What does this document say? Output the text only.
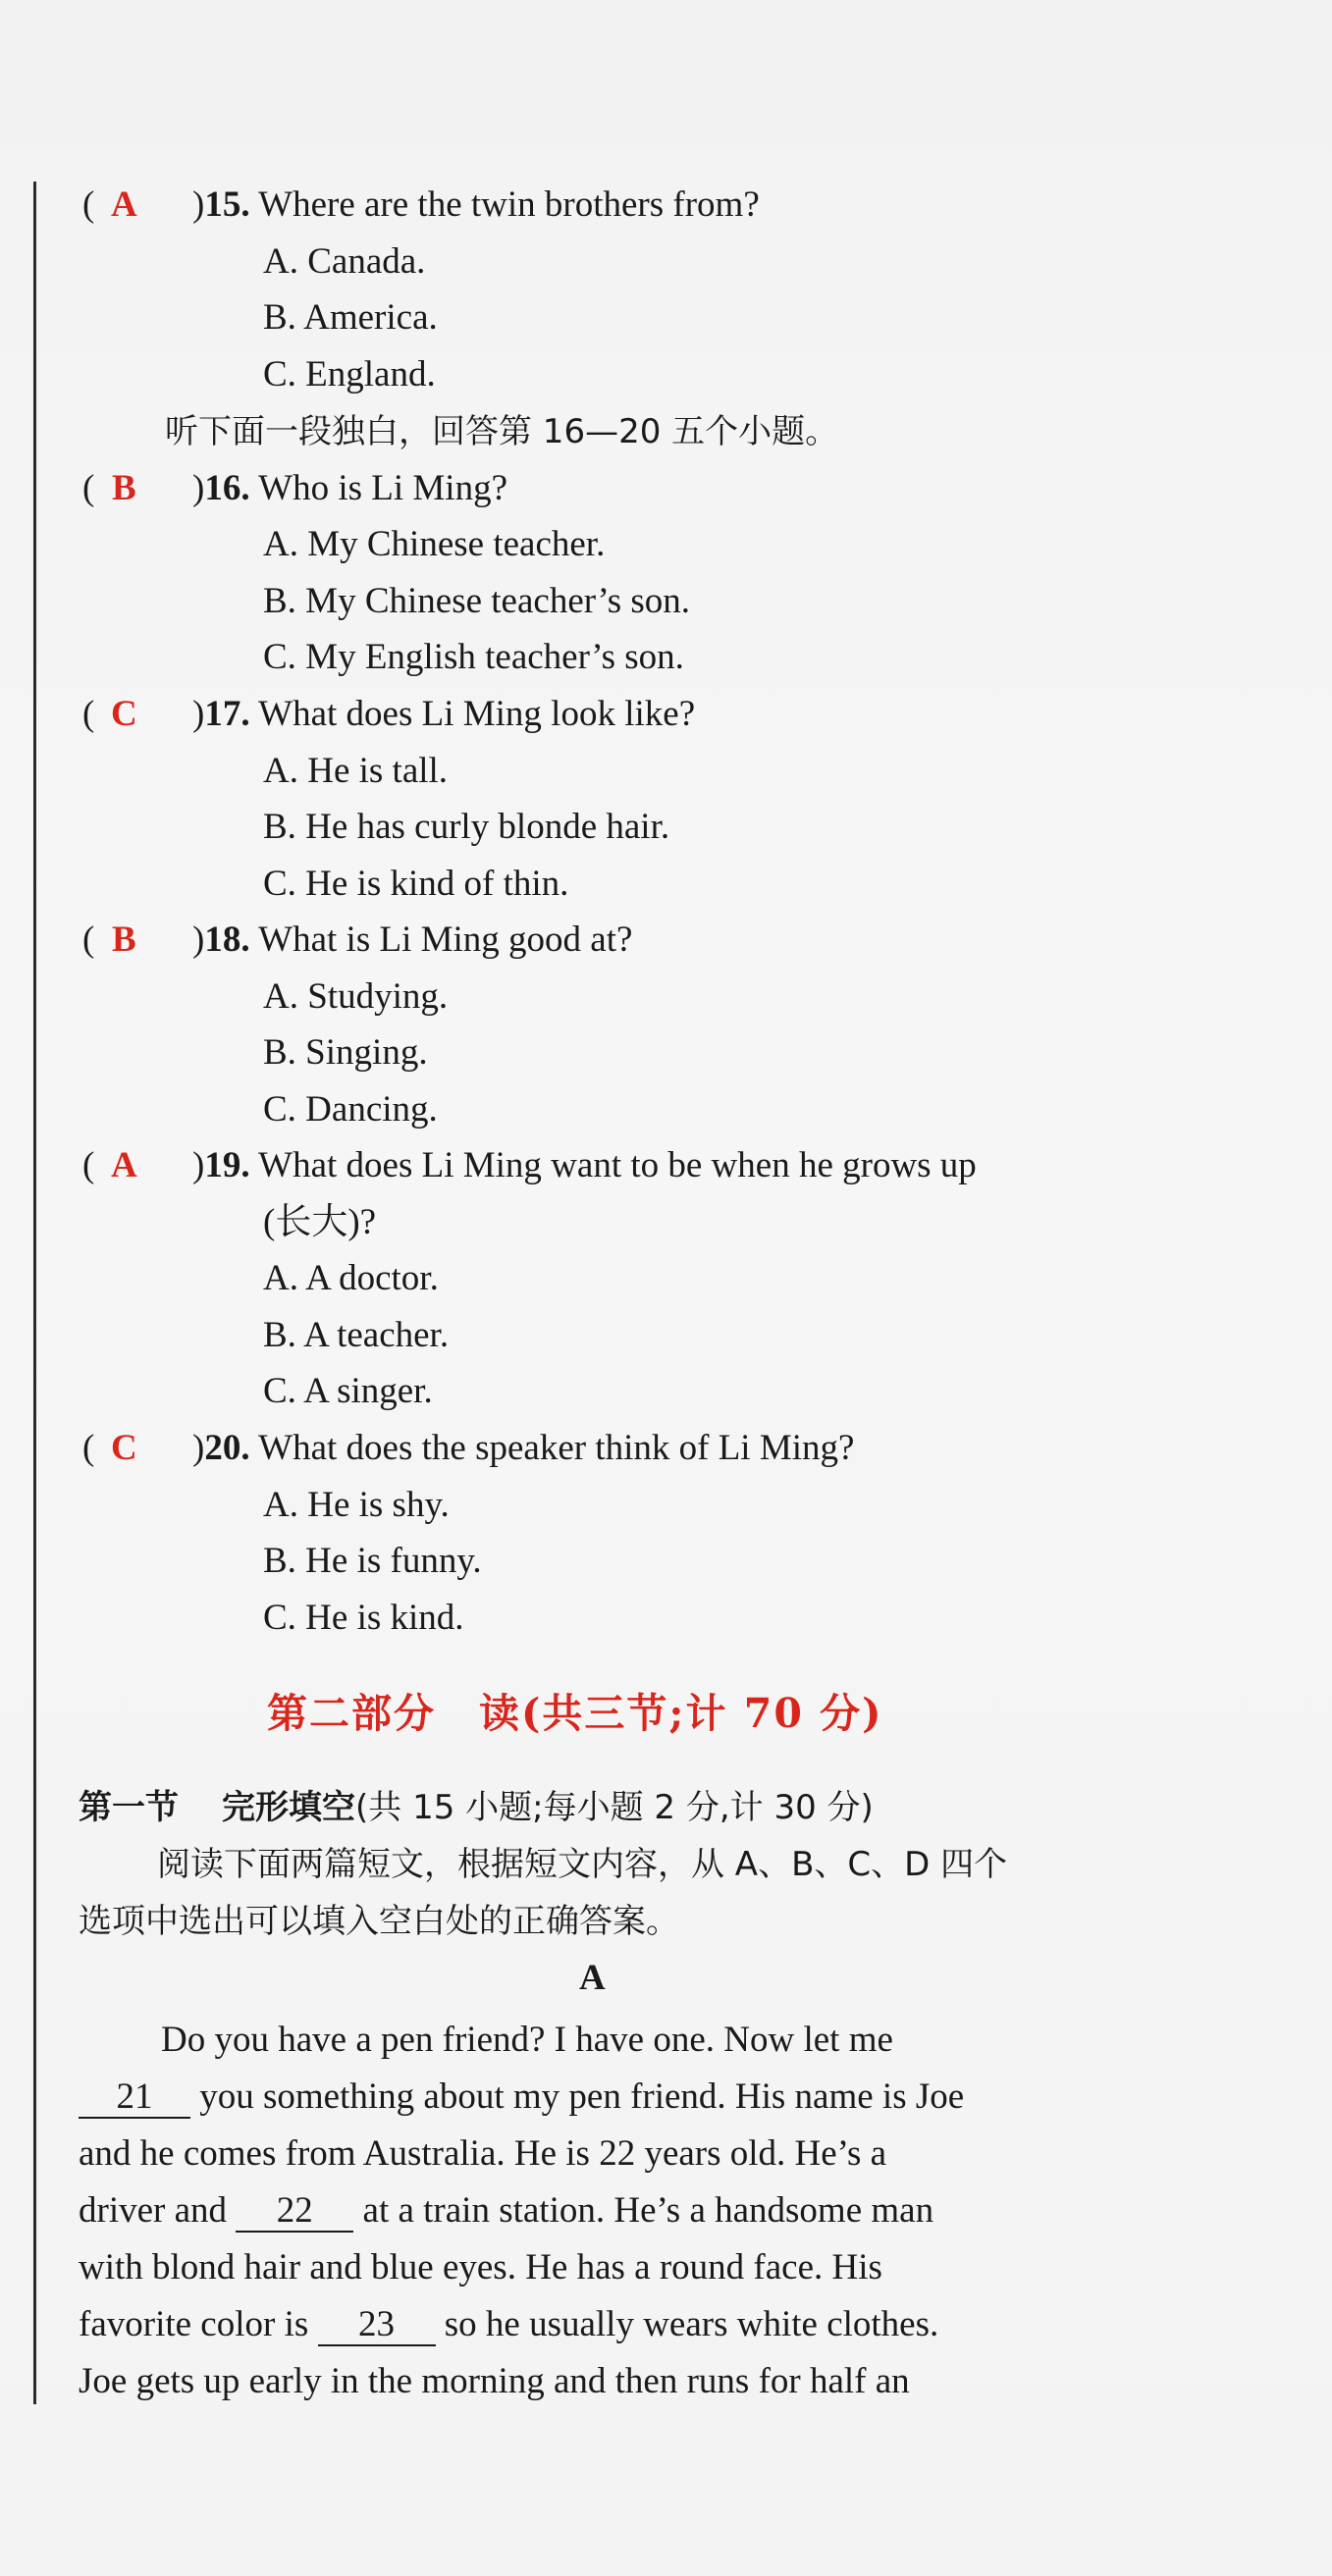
( A )15. Where are the twin brothers from?
A. Canada.
B. America.
C. England.
听下面一段独白，回答第 16—20 五个小题。
( B )16. Who is Li Ming?
A. My Chinese teacher.
B. My Chinese teacher’s son.
C. My English teacher’s son.
( C )17. What does Li Ming look like?
A. He is tall.
B. He has curly blonde hair.
C. He is kind of thin.
( B )18. What is Li Ming good at?
A. Studying.
B. Singing.
C. Dancing.
( A )19. What does Li Ming want to be when he grows up
(长大)?
A. A doctor.
B. A teacher.
C. A singer.
( C )20. What does the speaker think of Li Ming?
A. He is shy.
B. He is funny.
C. He is kind.
第二部分 读(共三节;计 70 分)
第一节 完形填空(共 15 小题;每小题 2 分,计 30 分)
阅读下面两篇短文，根据短文内容，从 A、B、C、D 四个
选项中选出可以填入空白处的正确答案。
A
Do you have a pen friend? I have one. Now let me
21 you something about my pen friend. His name is Joe
and he comes from Australia. He is 22 years old. He’s a
driver and 22 at a train station. He’s a handsome man
with blond hair and blue eyes. He has a round face. His
favorite color is 23 so he usually wears white clothes.
Joe gets up early in the morning and then runs for half an
